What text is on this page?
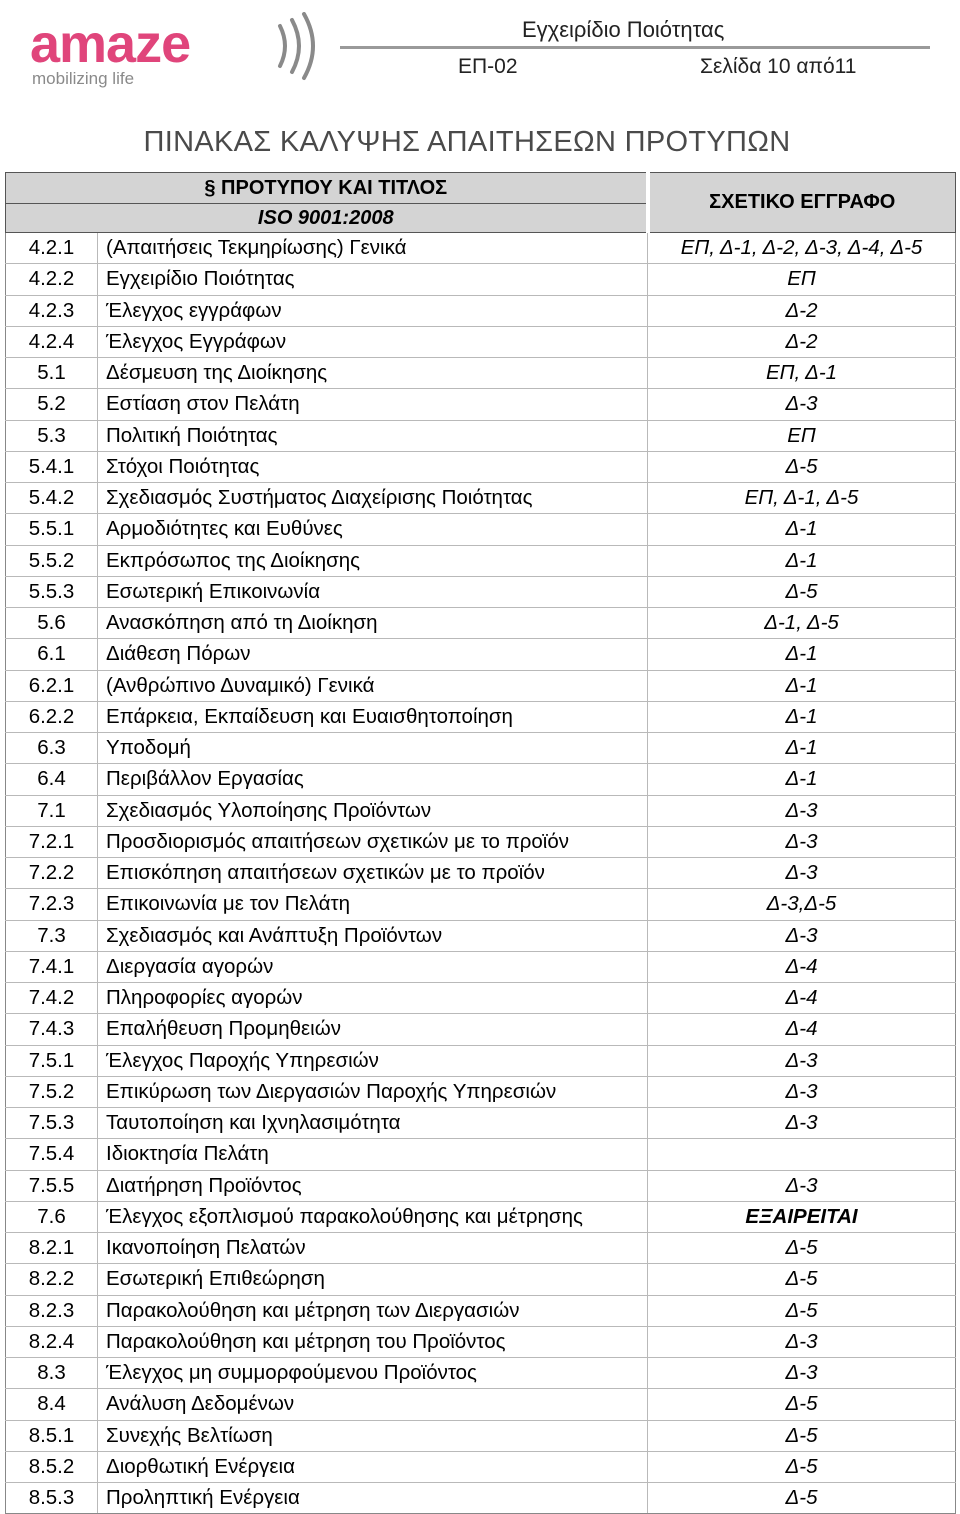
amaze
mobilizing life
Εγχειρίδιο Ποιότητας
ΕΠ-02	Σελίδα 10 από11
ΠΙΝΑΚΑΣ ΚΑΛΥΨΗΣ ΑΠΑΙΤΗΣΕΩΝ ΠΡΟΤΥΠΩΝ
§ ΠΡΟΤΥΠΟΥ ΚΑΙ ΤΙΤΛΟΣ		ΣΧΕΤΙΚΟ ΕΓΓΡΑΦΟ
ISO 9001:2008		
4.2.1	(Απαιτήσεις Τεκμηρίωσης) Γενικά	ΕΠ, Δ-1, Δ-2, Δ-3, Δ-4, Δ-5
4.2.2	Εγχειρίδιο Ποιότητας	ΕΠ
4.2.3	Έλεγχος εγγράφων	Δ-2
4.2.4	Έλεγχος Εγγράφων	Δ-2
5.1	Δέσμευση της Διοίκησης	ΕΠ, Δ-1
5.2	Εστίαση στον Πελάτη	Δ-3
5.3	Πολιτική Ποιότητας	ΕΠ
5.4.1	Στόχοι Ποιότητας	Δ-5
5.4.2	Σχεδιασμός Συστήματος Διαχείρισης Ποιότητας	ΕΠ, Δ-1, Δ-5
5.5.1	Αρμοδιότητες και Ευθύνες	Δ-1
5.5.2	Εκπρόσωπος της Διοίκησης	Δ-1
5.5.3	Εσωτερική Επικοινωνία	Δ-5
5.6	Ανασκόπηση από τη Διοίκηση	Δ-1, Δ-5
6.1	Διάθεση Πόρων	Δ-1
6.2.1	(Ανθρώπινο Δυναμικό) Γενικά	Δ-1
6.2.2	Επάρκεια, Εκπαίδευση και Ευαισθητοποίηση	Δ-1
6.3	Υποδομή	Δ-1
6.4	Περιβάλλον Εργασίας	Δ-1
7.1	Σχεδιασμός Υλοποίησης Προϊόντων	Δ-3
7.2.1	Προσδιορισμός απαιτήσεων σχετικών με το προϊόν	Δ-3
7.2.2	Επισκόπηση απαιτήσεων σχετικών με το προϊόν	Δ-3
7.2.3	Επικοινωνία με τον Πελάτη	Δ-3,Δ-5
7.3	Σχεδιασμός και Ανάπτυξη Προϊόντων	Δ-3
7.4.1	Διεργασία αγορών	Δ-4
7.4.2	Πληροφορίες αγορών	Δ-4
7.4.3	Επαλήθευση Προμηθειών	Δ-4
7.5.1	Έλεγχος Παροχής Υπηρεσιών	Δ-3
7.5.2	Επικύρωση των Διεργασιών Παροχής Υπηρεσιών	Δ-3
7.5.3	Ταυτοποίηση και Ιχνηλασιμότητα	Δ-3
7.5.4	Ιδιοκτησία Πελάτη	
7.5.5	Διατήρηση Προϊόντος	Δ-3
7.6	Έλεγχος εξοπλισμού παρακολούθησης και μέτρησης	ΕΞΑΙΡΕΙΤΑΙ
8.2.1	Ικανοποίηση Πελατών	Δ-5
8.2.2	Εσωτερική Επιθεώρηση	Δ-5
8.2.3	Παρακολούθηση και μέτρηση των Διεργασιών	Δ-5
8.2.4	Παρακολούθηση και μέτρηση του Προϊόντος	Δ-3
8.3	Έλεγχος μη συμμορφούμενου Προϊόντος	Δ-3
8.4	Ανάλυση Δεδομένων	Δ-5
8.5.1	Συνεχής Βελτίωση	Δ-5
8.5.2	Διορθωτική Ενέργεια	Δ-5
8.5.3	Προληπτική Ενέργεια	Δ-5
